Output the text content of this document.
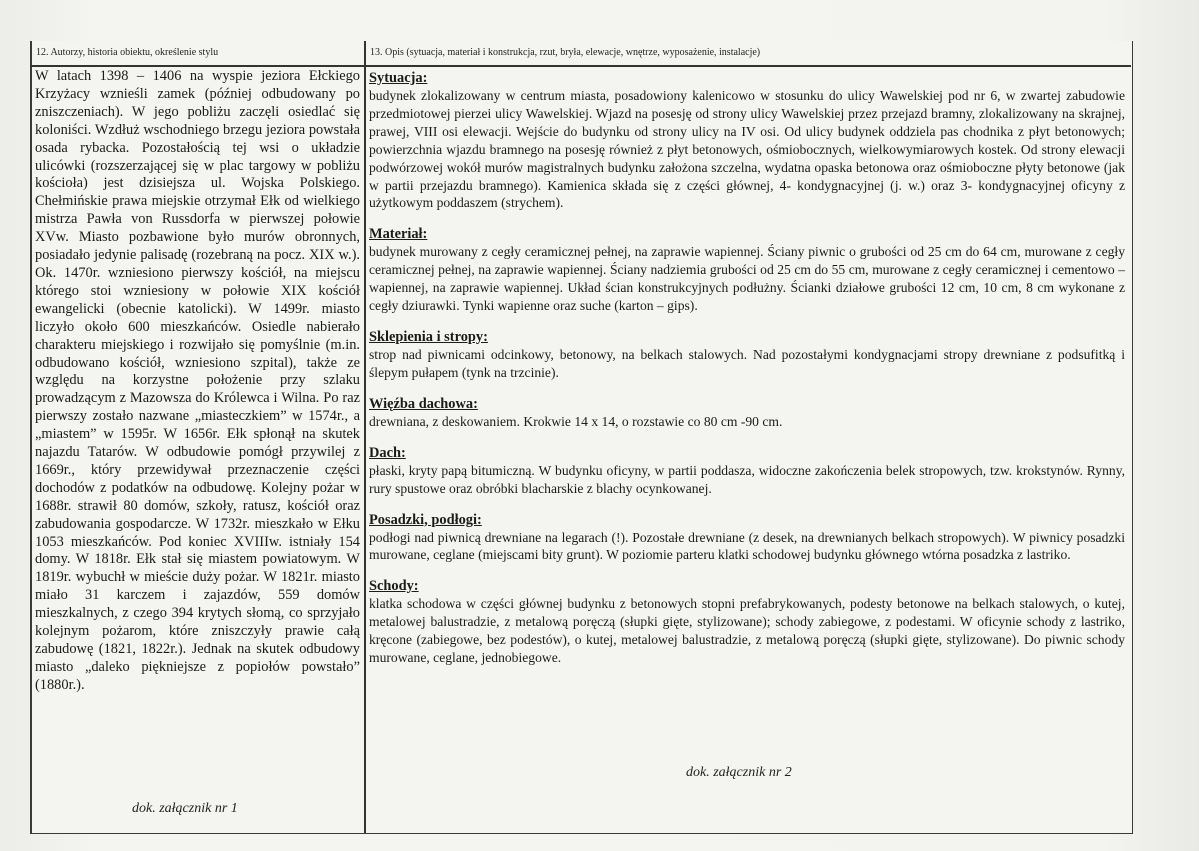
12. Autorzy, historia obiektu, określenie stylu	13. Opis (sytuacja, materiał i konstrukcja, rzut, bryła, elewacje, wnętrze, wyposażenie, instalacje)

W latach 1398 – 1406 na wyspie jeziora Ełckiego Krzyżacy wznieśli zamek (później odbudowany po zniszczeniach). W jego pobliżu zaczęli osiedlać się koloniści. Wzdłuż wschodniego brzegu jeziora powstała osada rybacka. Pozostałością tej wsi o układzie ulicówki (rozszerzającej się w plac targowy w pobliżu kościoła) jest dzisiejsza ul. Wojska Polskiego. Chełmińskie prawa miejskie otrzymał Ełk od wielkiego mistrza Pawła von Russdorfa w pierwszej połowie XVw. Miasto pozbawione było murów obronnych, posiadało jedynie palisadę (rozebraną na pocz. XIX w.). Ok. 1470r. wzniesiono pierwszy kościół, na miejscu którego stoi wzniesiony w połowie XIX kościół ewangelicki (obecnie katolicki). W 1499r. miasto liczyło około 600 mieszkańców. Osiedle nabierało charakteru miejskiego i rozwijało się pomyślnie (m.in. odbudowano kościół, wzniesiono szpital), także ze względu na korzystne położenie przy szlaku prowadzącym z Mazowsza do Królewca i Wilna. Po raz pierwszy zostało nazwane „miasteczkiem” w 1574r., a „miastem” w 1595r. W 1656r. Ełk spłonął na skutek najazdu Tatarów. W odbudowie pomógł przywilej z 1669r., który przewidywał przeznaczenie części dochodów z podatków na odbudowę. Kolejny pożar w 1688r. strawił 80 domów, szkoły, ratusz, kościół oraz zabudowania gospodarcze. W 1732r. mieszkało w Ełku 1053 mieszkańców. Pod koniec XVIIIw. istniały 154 domy. W 1818r. Ełk stał się miastem powiatowym. W 1819r. wybuchł w mieście duży pożar. W 1821r. miasto miało 31 karczem i zajazdów, 559 domów mieszkalnych, z czego 394 krytych słomą, co sprzyjało kolejnym pożarom, które zniszczyły prawie całą zabudowę (1821, 1822r.). Jednak na skutek odbudowy miasto „daleko piękniejsze z popiołów powstało” (1880r.).

Sytuacja:

budynek zlokalizowany w centrum miasta, posadowiony kalenicowo w stosunku do ulicy Wawelskiej pod nr 6, w zwartej zabudowie przedmiotowej pierzei ulicy Wawelskiej. Wjazd na posesję od strony ulicy Wawelskiej przez przejazd bramny, zlokalizowany na skrajnej, prawej, VIII osi elewacji. Wejście do budynku od strony ulicy na IV osi. Od ulicy budynek oddziela pas chodnika z płyt betonowych; powierzchnia wjazdu bramnego na posesję również z płyt betonowych, ośmiobocznych, wielkowymiarowych kostek. Od strony elewacji podwórzowej wokół murów magistralnych budynku założona szczelna, wydatna opaska betonowa oraz ośmioboczne płyty betonowe (jak w partii przejazdu bramnego). Kamienica składa się z części głównej, 4- kondygnacyjnej (j. w.) oraz 3- kondygnacyjnej oficyny z użytkowym poddaszem (strychem).

Materiał:

budynek murowany z cegły ceramicznej pełnej, na zaprawie wapiennej. Ściany piwnic o grubości od 25 cm do 64 cm, murowane z cegły ceramicznej pełnej, na zaprawie wapiennej. Ściany nadziemia grubości od 25 cm do 55 cm, murowane z cegły ceramicznej i cementowo – wapiennej, na zaprawie wapiennej. Układ ścian konstrukcyjnych podłużny. Ścianki działowe grubości 12 cm, 10 cm, 8 cm wykonane z cegły dziurawki. Tynki wapienne oraz suche (karton – gips).

Sklepienia i stropy:

strop nad piwnicami odcinkowy, betonowy, na belkach stalowych. Nad pozostałymi kondygnacjami stropy drewniane z podsufitką i ślepym pułapem (tynk na trzcinie).

Więźba dachowa:

drewniana, z deskowaniem. Krokwie 14 x 14, o rozstawie co 80 cm -90 cm.

Dach:

płaski, kryty papą bitumiczną. W budynku oficyny, w partii poddasza, widoczne zakończenia belek stropowych, tzw. krokstynów. Rynny, rury spustowe oraz obróbki blacharskie z blachy ocynkowanej.

Posadzki, podłogi:

podłogi nad piwnicą drewniane na legarach (!). Pozostałe drewniane (z desek, na drewnianych belkach stropowych). W piwnicy posadzki murowane, ceglane (miejscami bity grunt). W poziomie parteru klatki schodowej budynku głównego wtórna posadzka z lastriko.

Schody:

klatka schodowa w części głównej budynku z betonowych stopni prefabrykowanych, podesty betonowe na belkach stalowych, o kutej, metalowej balustradzie, z metalową poręczą (słupki gięte, stylizowane); schody zabiegowe, z podestami. W oficynie schody z lastriko, kręcone (zabiegowe, bez podestów), o kutej, metalowej balustradzie, z metalową poręczą (słupki gięte, stylizowane). Do piwnic schody murowane, ceglane, jednobiegowe.

dok. załącznik nr 1
dok. załącznik nr 2
